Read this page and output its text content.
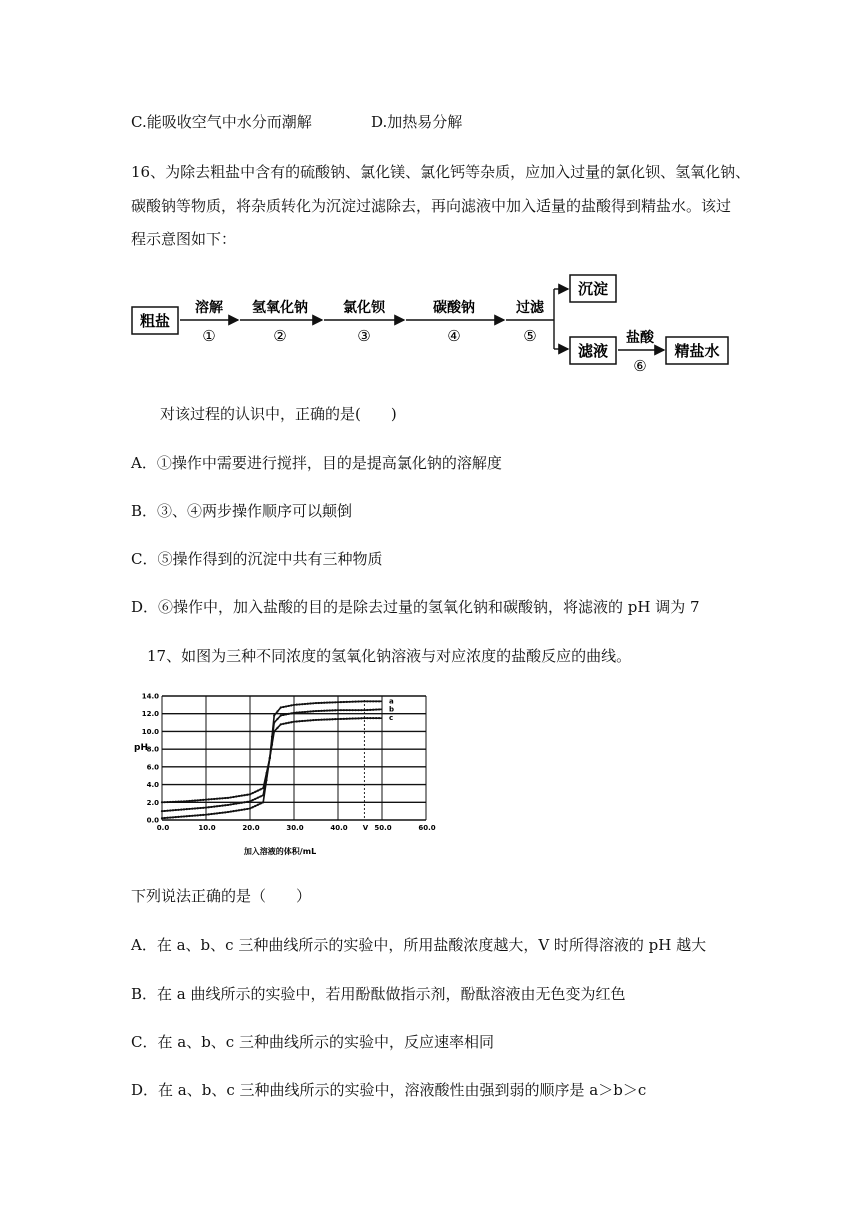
C.能吸收空气中水分而潮解	D.加热易分解
16、为除去粗盐中含有的硫酸钠、氯化镁、氯化钙等杂质，应加入过量的氯化钡、氢氧化钠、
碳酸钠等物质，将杂质转化为沉淀过滤除去，再向滤液中加入适量的盐酸得到精盐水。该过
程示意图如下：
粗盐
溶解
①
氢氧化钠
②
氯化钡
③
碳酸钠
④
过滤
⑤
沉淀
滤液
盐酸
⑥
精盐水
对该过程的认识中，正确的是(　　)
A．①操作中需要进行搅拌，目的是提高氯化钠的溶解度
B．③、④两步操作顺序可以颠倒
C．⑤操作得到的沉淀中共有三种物质
D．⑥操作中，加入盐酸的目的是除去过量的氢氧化钠和碳酸钠，将滤液的 pH 调为 7
17、如图为三种不同浓度的氢氧化钠溶液与对应浓度的盐酸反应的曲线。
0.0
2.0
4.0
6.0
8.0
10.0
12.0
14.0
0.0	10.0	20.0	30.0	40.0 V 50.0	60.0
a
b
c
pH
加入溶液的体积/mL
下列说法正确的是（　　）
A．在 a、b、c 三种曲线所示的实验中，所用盐酸浓度越大，V 时所得溶液的 pH 越大
B．在 a 曲线所示的实验中，若用酚酞做指示剂，酚酞溶液由无色变为红色
C．在 a、b、c 三种曲线所示的实验中，反应速率相同
D．在 a、b、c 三种曲线所示的实验中，溶液酸性由强到弱的顺序是 a＞b＞c
